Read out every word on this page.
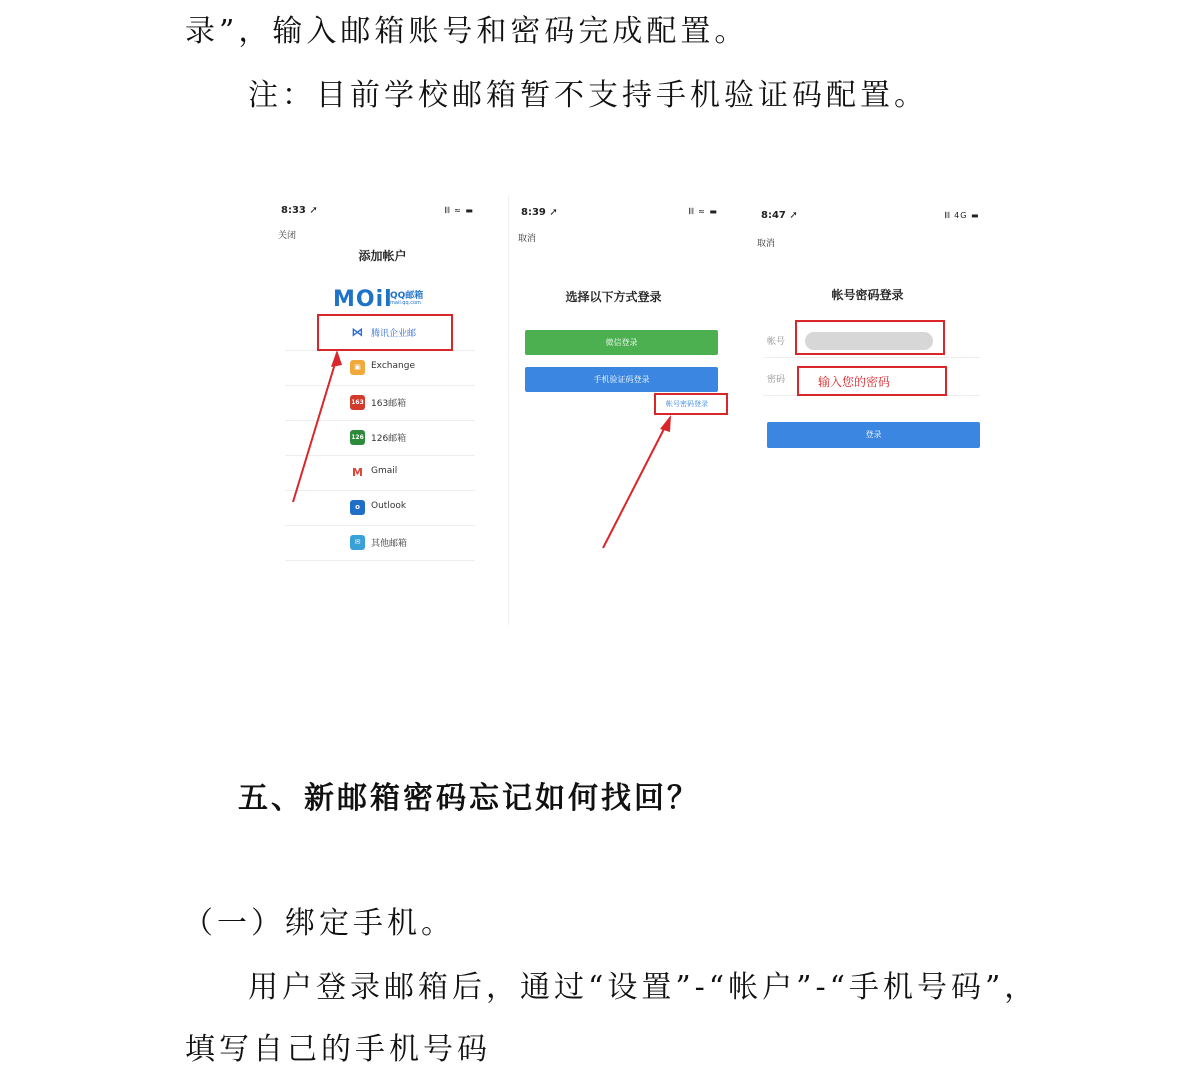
录”，输入邮箱账号和密码完成配置。
注：目前学校邮箱暂不支持手机验证码配置。
8:33 ➚	𝄃𝄃 ≈ ▬
关闭
添加帐户
MOil
QQ邮箱
mail.qq.com
⋈ 腾讯企业邮
▣	Exchange
163 163邮箱
126 126邮箱
M Gmail
o	Outlook
✉	其他邮箱
8:39 ➚	𝄃𝄃 ≈ ▬
取消
选择以下方式登录
微信登录
手机验证码登录
帐号密码登录
8:47 ➚	𝄃𝄃 4G ▬
取消
帐号密码登录
帐号
密码	输入您的密码
登录
五、新邮箱密码忘记如何找回？
（一）绑定手机。
用户登录邮箱后，通过“设置”-“帐户”-“手机号码”，
填写自己的手机号码
